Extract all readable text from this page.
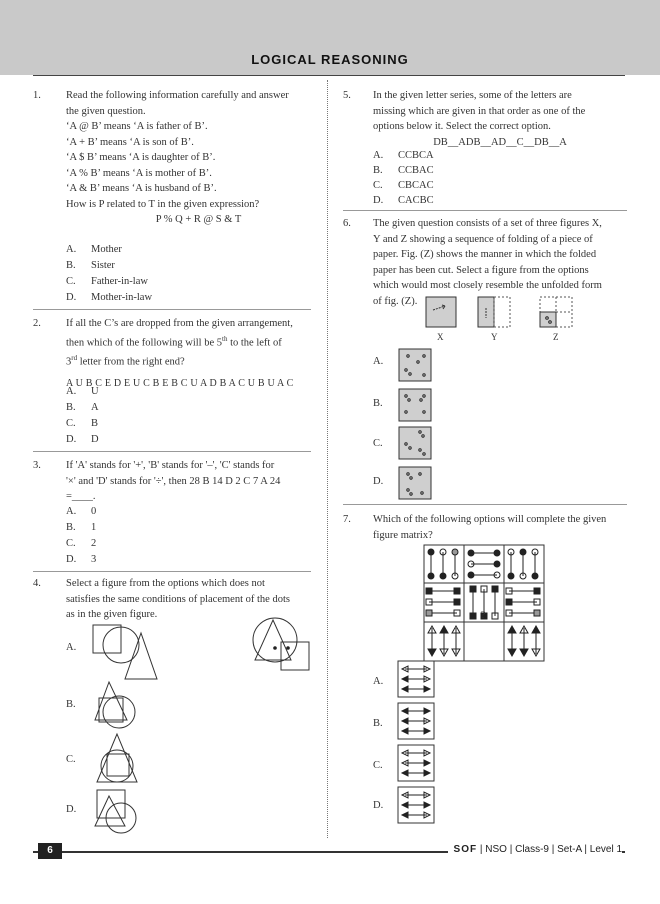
LOGICAL REASONING
1.	Read the following information carefully and answer
the given question.
‘A @ B’ means ‘A is father of B’.
‘A + B’ means ‘A is son of B’.
‘A $ B’ means ‘A is daughter of B’.
‘A % B’ means ‘A is mother of B’.
‘A & B’ means ‘A is husband of B’.
How is P related to T in the given expression?
P % Q + R @ S & T
A.	Mother
B.	Sister
C.	Father-in-law
D.	Mother-in-law
2.	If all the C’s are dropped from the given arrangement,
then which of the following will be 5th to the left of
3rd letter from the right end?
A U B C E D E U C B E B C U A D B A C U B U A C
A.	U
B.	A
C.	B
D.	D
3.	If 'A' stands for '+', 'B' stands for '–', 'C' stands for
'×' and 'D' stands for '÷', then 28 B 14 D 2 C 7 A 24
=____.
A.	0
B.	1
C.	2
D.	3
4.	Select a figure from the options which does not
satisfies the same conditions of placement of the dots
as in the given figure.
A.
B.
C.
D.
5.	In the given letter series, some of the letters are
missing which are given in that order as one of the
options below it. Select the correct option.
DB__ADB__AD__C__DB__A
A.	CCBCA
B.	CCBAC
C.	CBCAC
D.	CACBC
6.	The given question consists of a set of three figures X,
Y and Z showing a sequence of folding of a piece of
paper. Fig. (Z) shows the manner in which the folded
paper has been cut. Select a figure from the options
which would most closely resemble the unfolded form
of fig. (Z).
X	Y	Z
A.
B.
C.
D.
7.	Which of the following options will complete the given
figure matrix?
?
A.
B.
C.
D.
6	SOF | NSO | Class-9 | Set-A | Level 1
